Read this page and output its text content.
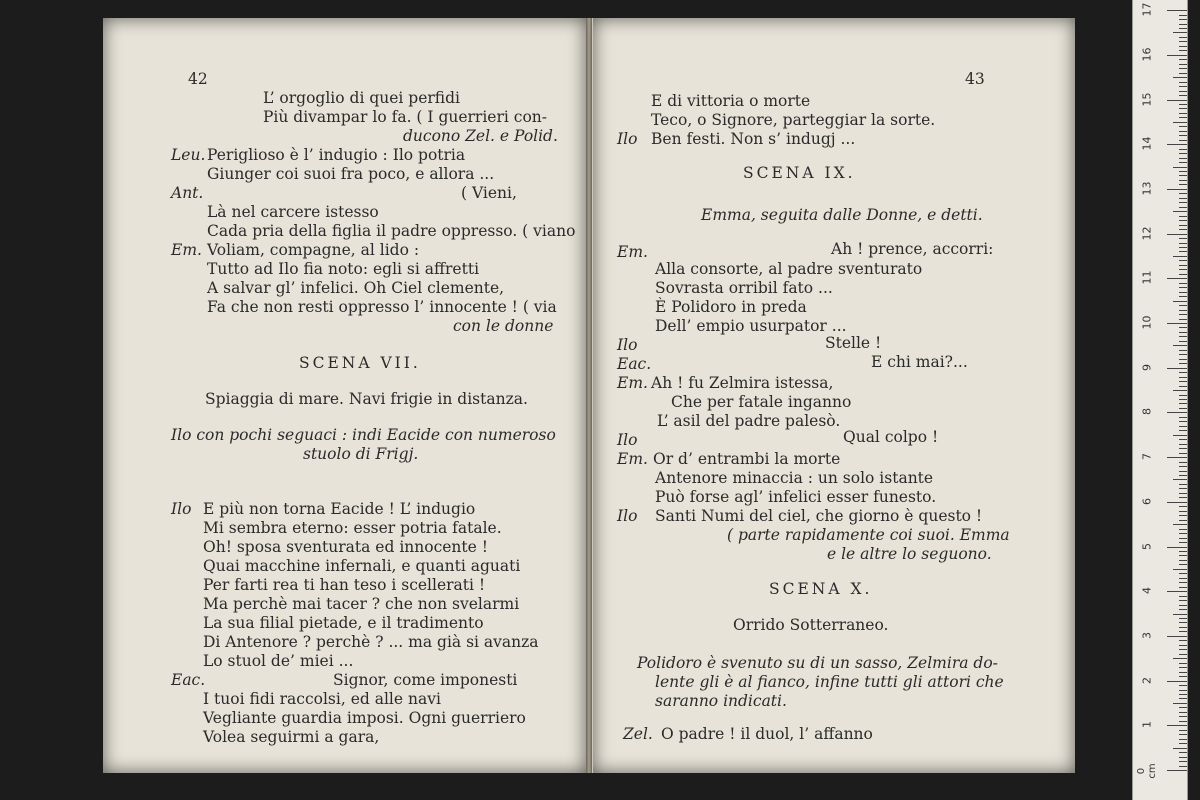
42
L’ orgoglio di quei perfidi
Più divampar lo fa. ( I guerrieri con-
ducono Zel. e Polid.
Leu. Periglioso è l’ indugio : Ilo potria
Giunger coi suoi fra poco, e allora ...
Ant.	( Vieni,
Là nel carcere istesso
Cada pria della figlia il padre oppresso. ( viano
Em. Voliam, compagne, al lido :
Tutto ad Ilo fia noto: egli si affretti
A salvar gl’ infelici. Oh Ciel clemente,
Fa che non resti oppresso l’ innocente ! ( via
con le donne
SCENA VII.
Spiaggia di mare. Navi frigie in distanza.
Ilo con pochi seguaci : indi Eacide con numeroso
stuolo di Frigj.
Ilo E più non torna Eacide ! L’ indugio
Mi sembra eterno: esser potria fatale.
Oh! sposa sventurata ed innocente !
Quai macchine infernali, e quanti aguati
Per farti rea ti han teso i scellerati !
Ma perchè mai tacer ? che non svelarmi
La sua filial pietade, e il tradimento
Di Antenore ? perchè ? ... ma già si avanza
Lo stuol de’ miei ...
Eac.	Signor, come imponesti
I tuoi fidi raccolsi, ed alle navi
Vegliante guardia imposi. Ogni guerriero
Volea seguirmi a gara,
43
E di vittoria o morte
Teco, o Signore, parteggiar la sorte.
Ilo Ben festi. Non s’ indugj ...
SCENA IX.
Emma, seguita dalle Donne, e detti.
Em.	Ah ! prence, accorri:
Alla consorte, al padre sventurato
Sovrasta orribil fato ...
È Polidoro in preda
Dell’ empio usurpator ...
Ilo	Stelle !
Eac.	E chi mai?...
Em. Ah ! fu Zelmira istessa,
Che per fatale inganno
L’ asil del padre palesò.
Ilo	Qual colpo !
Em. Or d’ entrambi la morte
Antenore minaccia : un solo istante
Può forse agl’ infelici esser funesto.
Ilo Santi Numi del ciel, che giorno è questo !
( parte rapidamente coi suoi. Emma
e le altre lo seguono.
SCENA X.
Orrido Sotterraneo.
Polidoro è svenuto su di un sasso, Zelmira do-
lente gli è al fianco, infine tutti gli attori che
saranno indicati.
Zel. O padre ! il duol, l’ affanno
0 cm
1
2
3
4
5
6
7
8
9
10
11
12
13
14
15
16
17
